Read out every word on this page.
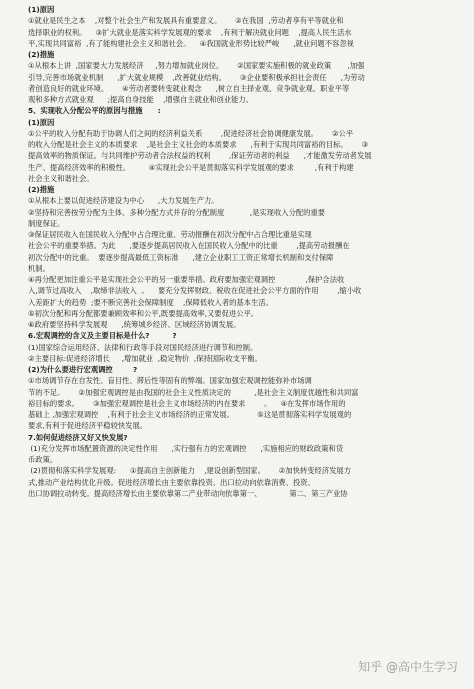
(1)原因
①就业是民生之本    ,对整个社会生产和发展具有重要意义。      ②在我国  ,劳动者享有平等就业和
选择职业的权利。    ③扩大就业是落实科学发展观的要求    ,有利于解决就业问题    ,提高人民生活水
平,实现共同富裕  ,有了能构建社会主义和谐社会。    ④我国就业形势比较严峻      ,就业问题不容忽视
(2)措施
①从根本上讲  ,国家要大力发展经济     ,努力增加就业岗位。      ②国家要实施积极的就业政策       ,加强
引导,完善市场就业机制      ,扩大就业规模    ,改善就业结构。      ③企业要积极承担社会责任      ,为劳动
者创造良好的就业环境。      ④劳动者要转变就业观念      ,树立自主择业观、竞争就业观、职业平等
观和多种方式就业观      ;提高自身技能    ,增强自主就业和创业能力。
5、实现收入分配公平的原因与措施      :
(1)原因
①公平的收入分配有助于协调人们之间的经济利益关系        ,促进经济社会协调健康发展。      ②公平
的收入分配是社会主义的本质要求    ,是社会主义社会的本质要求      ,有利于实现共同富裕的目标。      ③
提高效率的物质保证。与共同维护劳动者合法权益的权利        ,保证劳动者的利益      ,才能激发劳动者发展
生产、提高经济效率的积极性。        ④实现社会公平是贯彻落实科学发展观的要求         ,有利于构建
社会主义和谐社会。
(2)措施
①从根本上要以促进经济建设为中心      ,大力发展生产力。
②坚持和完善按劳分配为主体、多种分配方式并存的分配制度           ,是实现收入分配的重要
制度保证。
③保证居民收入在国民收入分配中占合理比重、劳动报酬在初次分配中占合理比重是实现
社会公平的重要举措。为此      ,要逐步提高居民收入在国民收入分配中的比重        ,提高劳动报酬在
初次分配中的比重。  要逐步提高最低工资标准      ,建立企业职工工资正常增长机制和支付保障
机制。
④再分配更加注重公平是实现社会公平的另一重要举措。政府要加强宏观调控             ,保护合法收
入,调节过高收入    ,取缔非法收入  。    要充分发挥财政、税收在促进社会公平方面的作用        ,缩小收
入差距扩大的趋势  ;要不断完善社会保障制度    ,保障低收入者的基本生活。
⑤初次分配和再分配都要兼顾效率和公平,既要提高效率,又要促进公平。
⑥政府要坚持科学发展观      ,统筹城乡经济、区域经济协调发展。
6.宏观调控的含义及主要目标是什么?         ?
(1)国家综合运用经济、法律和行政等手段对国民经济进行调节和控制。
②主要目标:促进经济增长     ,增加就业  ,稳定物价  ,保持国际收支平衡。
(2)为什么要进行宏观调控        ?
①市场调节存在自发性、盲目性、滞后性等固有的弊端。国家加强宏观调控能弥补市场调
节的不足。      ②加强宏观调控是由我国的社会主义性质决定的          ,是社会主义制度优越性和共同富
裕目标的要求。      ③加强宏观调控是社会主义市场经济的内在要求        。    ④在发挥市场作用的
基础上 ,加强宏观调控    ,有利于社会主义市场经济的正常发展。          ⑤这是贯彻落实科学发展观的
要求,有利于促进经济平稳较快发展。
7.如何促进经济又好又快发展?
(1)充分发挥市场配置资源的决定性作用      ,实行强有力的宏观调控      ,实施相应的财政政策和货
币政策。
(2)贯彻和落实科学发展观:      ①提高自主创新能力    ,建设创新型国家。      ②加快转变经济发展方
式,推动产业结构优化升级。促进经济增长由主要依靠投资、出口拉动向依靠消费、投资、
出口协调拉动转变。提高经济增长由主要依靠第二产业带动向依靠第一、            第二、第三产业协
知乎 @高中生学习
